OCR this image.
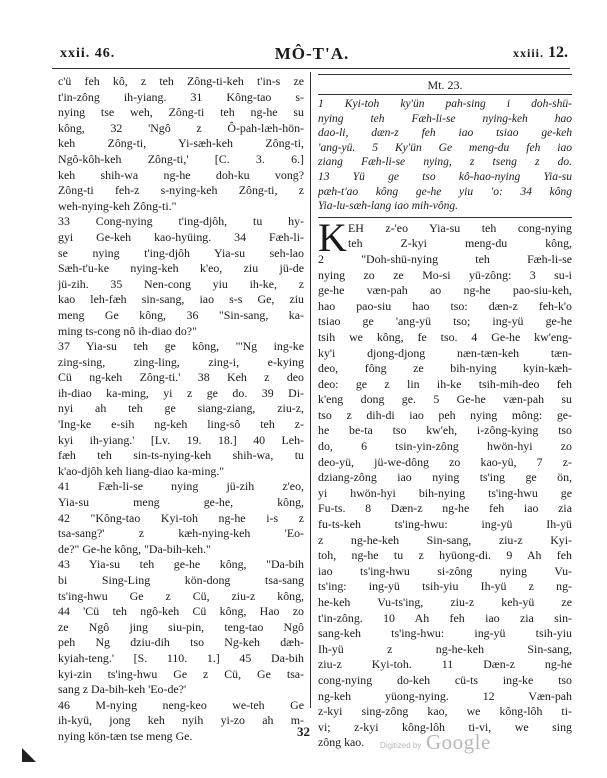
xxii. 46.	MÔ-T'A.	xxiii. 12.
c'ü feh kô, z teh Zông-ti-keh t'in-s ze
t'in-zông ih-yiang. 31 Kông-tao s-
nying tse weh, Zông-ti teh ng-he su
kông, 32 'Ngô z Ô-pah-læh-hön-
keh Zông-ti, Yi-sæh-keh Zông-ti,
Ngô-kôh-keh Zông-ti,' [C. 3. 6.]
keh shih-wa ng-he doh-ku vong?
Zông-ti feh-z s-nying-keh Zông-ti, z
weh-nying-keh Zông-ti."
33 Cong-nying t'ing-djôh, tu hy-
gyi Ge-keh kao-hyüing. 34 Fæh-li-
se nying t'ing-djôh Yia-su seh-lao
Sæh-t'u-ke nying-keh k'eo, ziu jü-de
jü-zih. 35 Nen-cong yiu ih-ke, z
kao leh-fæh sin-sang, iao s-s Ge, ziu
meng Ge kông, 36 "Sin-sang, ka-
ming ts-cong nô ih-diao do?"
37 Yia-su teh ge kông, "'Ng ing-ke
zing-sing, zing-ling, zing-i, e-kying
Cü ng-keh Zông-ti.' 38 Keh z deo
ih-diao ka-ming, yi z ge do. 39 Di-
nyi ah teh ge siang-ziang, ziu-z,
'Ing-ke e-sih ng-keh ling-sô teh z-
kyi ih-yiang.' [Lv. 19. 18.] 40 Leh-
fæh teh sin-ts-nying-keh shih-wa, tu
k'ao-djôh keh liang-diao ka-ming."
41 Fæh-li-se nying jü-zih z'eo,
Yia-su meng ge-he, kông,
42 "Kông-tao Kyi-toh ng-he i-s z
tsa-sang?' z kæh-nying-keh 'Eo-
de?" Ge-he kông, "Da-bih-keh."
43 Yia-su teh ge-he kông, "Da-bih
bi Sing-Ling kön-dong tsa-sang
ts'ing-hwu Ge z Cü, ziu-z kông,
44 'Cü teh ngô-keh Cü kông, Hao zo
ze Ngô jing siu-pin, teng-tao Ngô
peh Ng dziu-dih tso Ng-keh dæh-
kyiah-teng.' [S. 110. 1.] 45 Da-bih
kyi-zin ts'ing-hwu Ge z Cü, Ge tsa-
sang z Da-bih-keh 'Eo-de?'
46 M-nying neng-keo we-teh Ge
ih-kyü, jong keh nyih yi-zo ah m-
nying kön-tæn tse meng Ge.
Mt. 23.
1 Kyi-toh ky'ün pah-sing i doh-shü-
nying teh Fæh-li-se nying-keh hao
dao-li, dæn-z feh iao tsiao ge-keh
'ang-yü. 5 Ky'ün Ge meng-du feh iao
ziang Fæh-li-se nying, z tseng z do.
13 Yü ge tso kô-hao-nying Yia-su
pæh-t'ao kông ge-he yiu 'o: 34 kông
Yia-lu-sæh-lang iao mih-vông.
K EH z-'eo Yia-su teh cong-nying
teh Z-kyi meng-du kông,
2 "Doh-shü-nying teh Fæh-li-se
nying zo ze Mo-si yü-zông: 3 su-i
ge-he væn-pah ao ng-he pao-siu-keh,
hao pao-siu hao tso: dæn-z feh-k'o
tsiao ge 'ang-yü tso; ing-yü ge-he
tsih we kông, fe tso. 4 Ge-he kw'eng-
ky'i djong-djong næn-tæn-keh tæn-
deo, fông ze bih-nying kyin-kæh-
deo: ge z lin ih-ke tsih-mih-deo feh
k'eng dong ge. 5 Ge-he væn-pah su
tso z dih-di iao peh nying mông: ge-
he be-ta tso kw'eh, i-zông-kying tso
do, 6 tsin-yin-zông hwön-hyi zo
deo-yü, jü-we-dông zo kao-yü, 7 z-
dziang-zông iao nying ts'ing ge ön,
yi hwön-hyi bih-nying ts'ing-hwu ge
Fu-ts. 8 Dæn-z ng-he feh iao zia
fu-ts-keh ts'ing-hwu: ing-yü Ih-yü
z ng-he-keh Sin-sang, ziu-z Kyi-
toh, ng-he tu z hyüong-di. 9 Ah feh
iao ts'ing-hwu si-zông nying Vu-
ts'ing: ing-yü tsih-yiu Ih-yü z ng-
he-keh Vu-ts'ing, ziu-z keh-yü ze
t'in-zông. 10 Ah feh iao zia sin-
sang-keh ts'ing-hwu: ing-yü tsih-yiu
Ih-yü z ng-he-keh Sin-sang,
ziu-z Kyi-toh. 11 Dæn-z ng-he
cong-nying do-keh cü-ts ing-ke tso
ng-keh yüong-nying. 12 Væn-pah
z-kyi sing-zông kao, we kông-lôh ti-
vi; z-kyi kông-lôh ti-vi, we sing
zông kao.
32
Digitized by Google
